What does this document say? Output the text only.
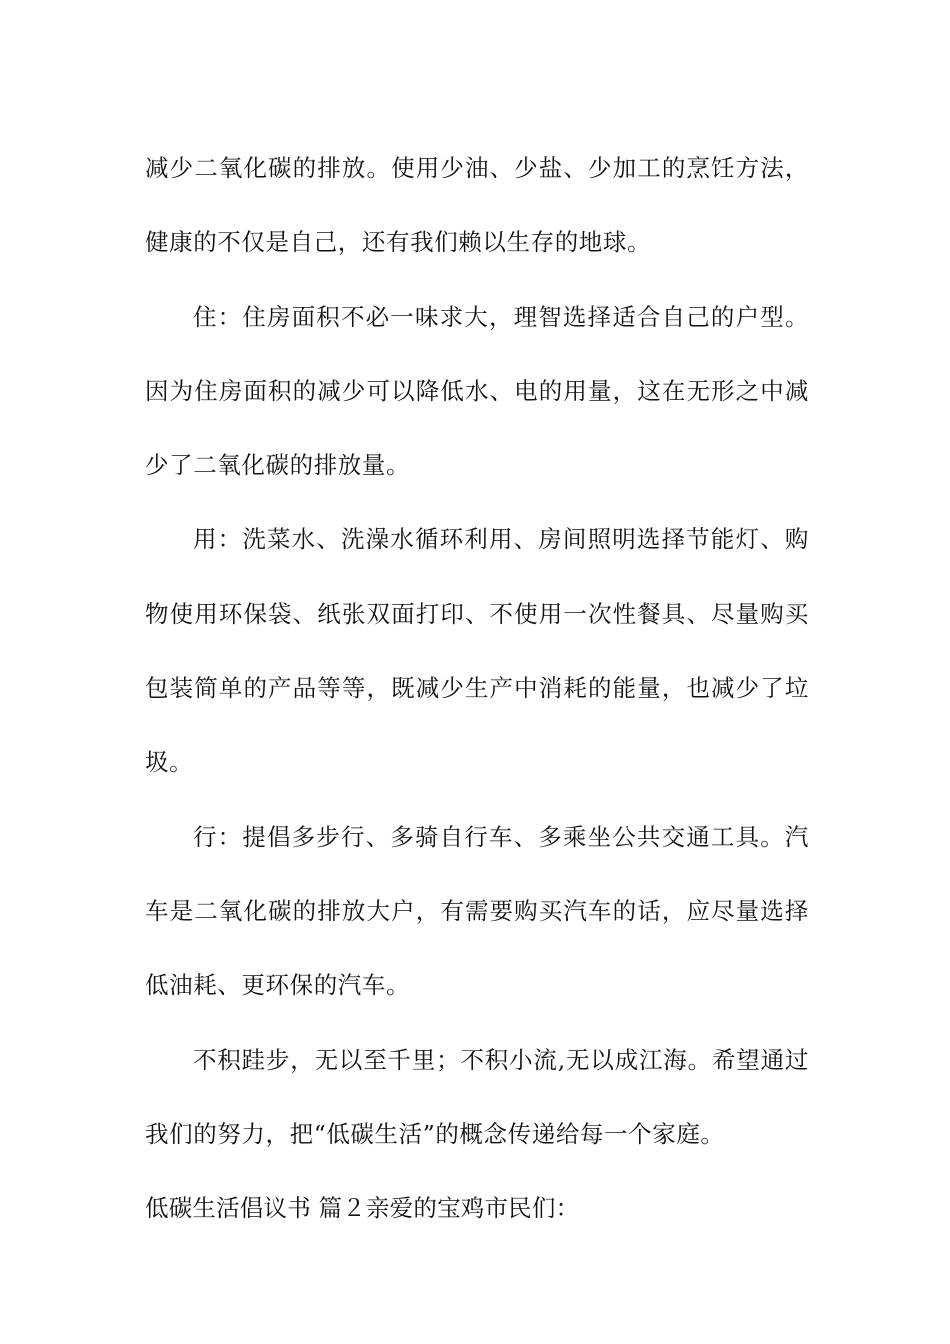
减少二氧化碳的排放。使用少油、少盐、少加工的烹饪方法，健康的不仅是自己，还有我们赖以生存的地球。

住：住房面积不必一味求大，理智选择适合自己的户型。因为住房面积的减少可以降低水、电的用量，这在无形之中减少了二氧化碳的排放量。

用：洗菜水、洗澡水循环利用、房间照明选择节能灯、购物使用环保袋、纸张双面打印、不使用一次性餐具、尽量购买包装简单的产品等等，既减少生产中消耗的能量，也减少了垃圾。

行：提倡多步行、多骑自行车、多乘坐公共交通工具。汽车是二氧化碳的排放大户，有需要购买汽车的话，应尽量选择低油耗、更环保的汽车。

不积跬步，无以至千里；不积小流,无以成江海。希望通过我们的努力，把“低碳生活”的概念传递给每一个家庭。

低碳生活倡议书 篇２亲爱的宝鸡市民们：
